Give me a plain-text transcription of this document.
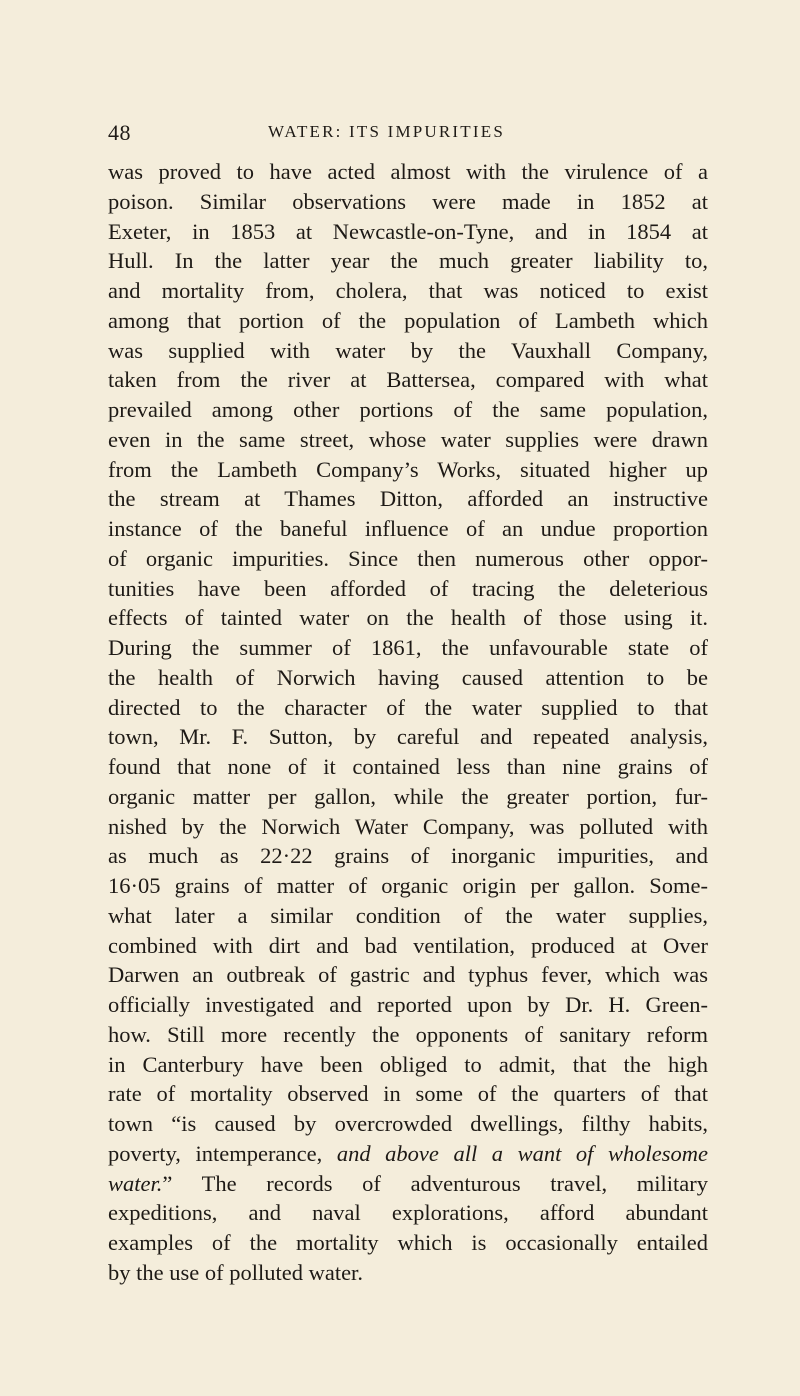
48	WATER: ITS IMPURITIES
was proved to have acted almost with the virulence of a
poison. Similar observations were made in 1852 at
Exeter, in 1853 at Newcastle-on-Tyne, and in 1854 at
Hull. In the latter year the much greater liability to,
and mortality from, cholera, that was noticed to exist
among that portion of the population of Lambeth which
was supplied with water by the Vauxhall Company,
taken from the river at Battersea, compared with what
prevailed among other portions of the same population,
even in the same street, whose water supplies were drawn
from the Lambeth Company’s Works, situated higher up
the stream at Thames Ditton, afforded an instructive
instance of the baneful influence of an undue proportion
of organic impurities. Since then numerous other oppor-
tunities have been afforded of tracing the deleterious
effects of tainted water on the health of those using it.
During the summer of 1861, the unfavourable state of
the health of Norwich having caused attention to be
directed to the character of the water supplied to that
town, Mr. F. Sutton, by careful and repeated analysis,
found that none of it contained less than nine grains of
organic matter per gallon, while the greater portion, fur-
nished by the Norwich Water Company, was polluted with
as much as 22·22 grains of inorganic impurities, and
16·05 grains of matter of organic origin per gallon. Some-
what later a similar condition of the water supplies,
combined with dirt and bad ventilation, produced at Over
Darwen an outbreak of gastric and typhus fever, which was
officially investigated and reported upon by Dr. H. Green-
how. Still more recently the opponents of sanitary reform
in Canterbury have been obliged to admit, that the high
rate of mortality observed in some of the quarters of that
town “is caused by overcrowded dwellings, filthy habits,
poverty, intemperance, and above all a want of wholesome
water.” The records of adventurous travel, military
expeditions, and naval explorations, afford abundant
examples of the mortality which is occasionally entailed
by the use of polluted water.
